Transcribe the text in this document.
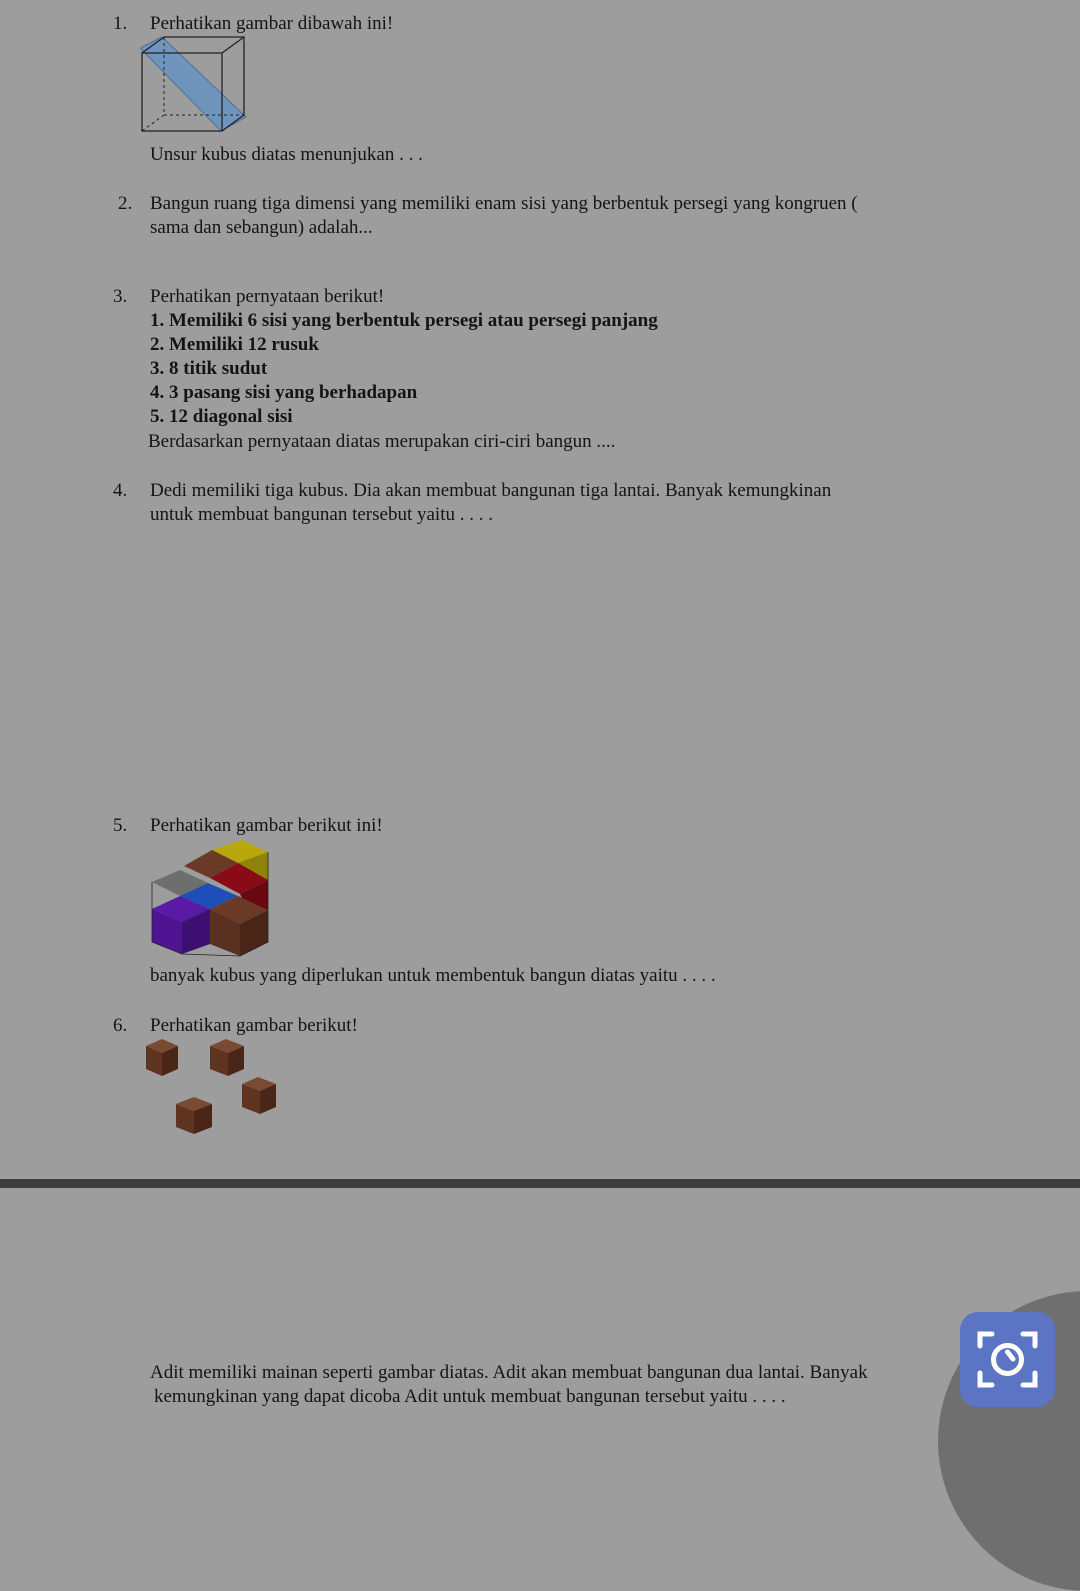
1. Perhatikan gambar dibawah ini!
Unsur kubus diatas menunjukan . . .
2. Bangun ruang tiga dimensi yang memiliki enam sisi yang berbentuk persegi yang kongruen (
sama dan sebangun) adalah...
3. Perhatikan pernyataan berikut!
1. Memiliki 6 sisi yang berbentuk persegi atau persegi panjang
2. Memiliki 12 rusuk
3. 8 titik sudut
4. 3 pasang sisi yang berhadapan
5. 12 diagonal sisi
Berdasarkan pernyataan diatas merupakan ciri-ciri bangun ....
4. Dedi memiliki tiga kubus. Dia akan membuat bangunan tiga lantai. Banyak kemungkinan
untuk membuat bangunan tersebut yaitu . . . .
5. Perhatikan gambar berikut ini!
banyak kubus yang diperlukan untuk membentuk bangun diatas yaitu . . . .
6. Perhatikan gambar berikut!
Adit memiliki mainan seperti gambar diatas. Adit akan membuat bangunan dua lantai. Banyak
kemungkinan yang dapat dicoba Adit untuk membuat bangunan tersebut yaitu . . . .
